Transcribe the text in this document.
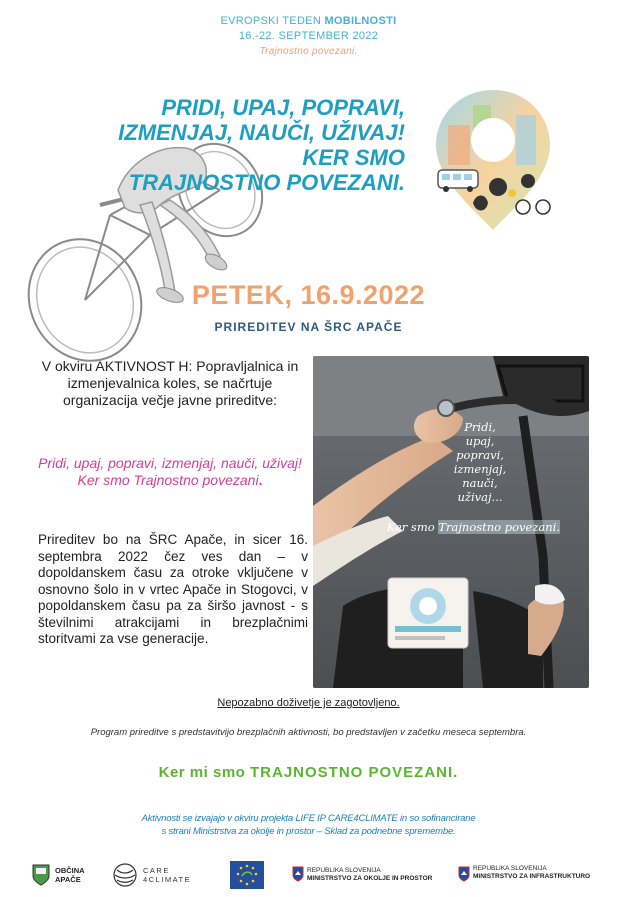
EVROPSKI TEDEN MOBILNOSTI
16.-22. SEPTEMBER 2022
Trajnostno povezani.
PRIDI, UPAJ, POPRAVI,
IZMENJAJ, NAUČI, UŽIVAJ!
KER SMO
TRAJNOSTNO POVEZANI.
PETEK, 16.9.2022
PRIREDITEV NA ŠRC APAČE
V okviru AKTIVNOST H: Popravljalnica in izmenjevalnica koles, se načrtuje organizacija večje javne prireditve:
Pridi, upaj, popravi, izmenjaj, nauči, uživaj! Ker smo Trajnostno povezani.
Prireditev bo na ŠRC Apače, in sicer 16. septembra 2022 čez ves dan – v dopoldanskem času za otroke vključene v osnovno šolo in v vrtec Apače in Stogovci, v popoldanskem času pa za širšo javnost - s številnimi atrakcijami in brezplačnimi storitvami za vse generacije.
Pridi,
upaj,
popravi,
izmenjaj,
nauči,
uživaj...
Ker smo Trajnostno povezani.
Nepozabno doživetje je zagotovljeno.
Program prireditve s predstavitvijo brezplačnih aktivnosti, bo predstavljen v začetku meseca septembra.
Ker mi smo TRAJNOSTNO POVEZANI.
Aktivnosti se izvajajo v okviru projekta LIFE IP CARE4CLIMATE in so sofinancirane
s strani Ministrstva za okolje in prostor – Sklad za podnebne spremembe.
OBČINA
APAČE
CARE
4CLIMATE
REPUBLIKA SLOVENIJA
MINISTRSTVO ZA OKOLJE IN PROSTOR
REPUBLIKA SLOVENIJA
MINISTRSTVO ZA INFRASTRUKTURO
